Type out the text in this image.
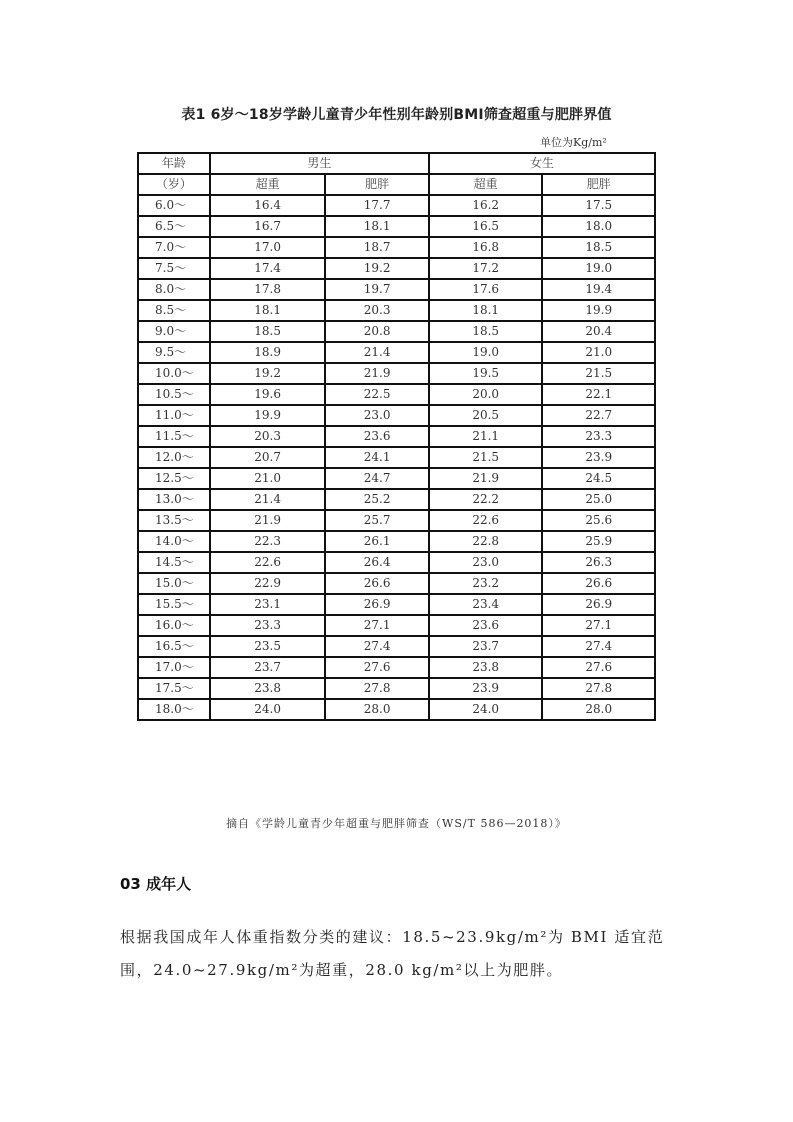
表1 6岁～18岁学龄儿童青少年性别年龄别BMI筛查超重与肥胖界值
单位为Kg/m²
年龄	男生		女生	
（岁）	超重	肥胖	超重	肥胖
6.0～	16.4	17.7	16.2	17.5
6.5～	16.7	18.1	16.5	18.0
7.0～	17.0	18.7	16.8	18.5
7.5～	17.4	19.2	17.2	19.0
8.0～	17.8	19.7	17.6	19.4
8.5～	18.1	20.3	18.1	19.9
9.0～	18.5	20.8	18.5	20.4
9.5～	18.9	21.4	19.0	21.0
10.0～	19.2	21.9	19.5	21.5
10.5～	19.6	22.5	20.0	22.1
11.0～	19.9	23.0	20.5	22.7
11.5～	20.3	23.6	21.1	23.3
12.0～	20.7	24.1	21.5	23.9
12.5～	21.0	24.7	21.9	24.5
13.0～	21.4	25.2	22.2	25.0
13.5～	21.9	25.7	22.6	25.6
14.0～	22.3	26.1	22.8	25.9
14.5～	22.6	26.4	23.0	26.3
15.0～	22.9	26.6	23.2	26.6
15.5～	23.1	26.9	23.4	26.9
16.0～	23.3	27.1	23.6	27.1
16.5～	23.5	27.4	23.7	27.4
17.0～	23.7	27.6	23.8	27.6
17.5～	23.8	27.8	23.9	27.8
18.0～	24.0	28.0	24.0	28.0
摘自《学龄儿童青少年超重与肥胖筛查（WS/T 586—2018）》
03 成年人
根据我国成年人体重指数分类的建议：18.5~23.9kg/m²为 BMI 适宜范围，24.0~27.9kg/m²为超重，28.0 kg/m²以上为肥胖。
